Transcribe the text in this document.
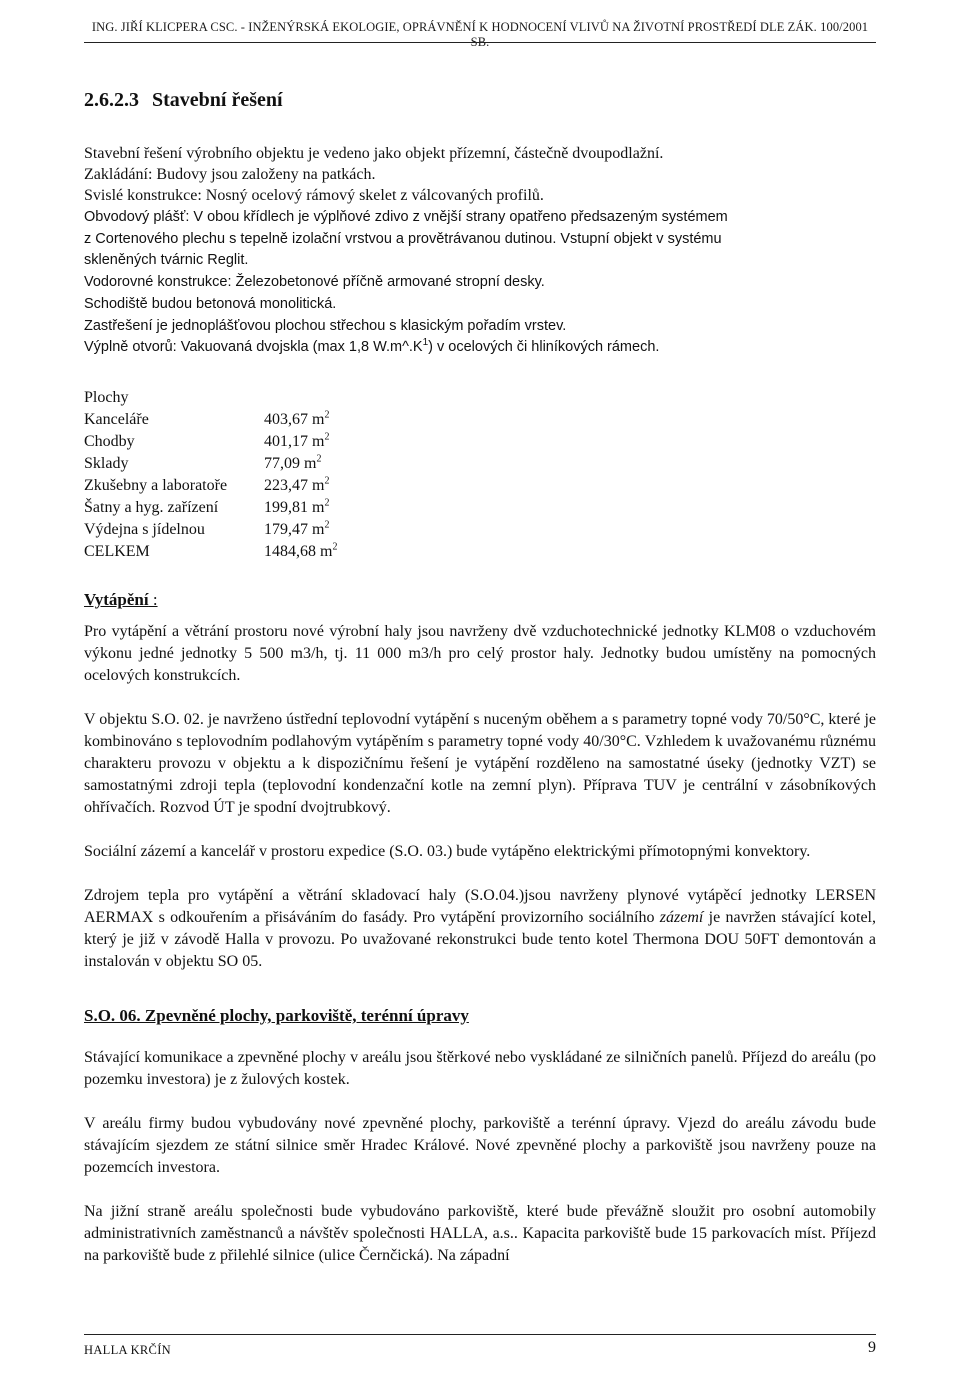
ING. JIŘÍ KLICPERA CSC. - INŽENÝRSKÁ EKOLOGIE, OPRÁVNĚNÍ K HODNOCENÍ VLIVŮ NA ŽIVOTNÍ PROSTŘEDÍ DLE ZÁK. 100/2001 SB.
2.6.2.3 Stavební řešení
Stavební řešení výrobního objektu je vedeno jako objekt přízemní, částečně dvoupodlažní.
Zakládání: Budovy jsou založeny na patkách.
Svislé konstrukce: Nosný ocelový rámový skelet z válcovaných profilů.
Obvodový plášť: V obou křídlech je výplňové zdivo z vnější strany opatřeno předsazeným systémem
z Cortenového plechu s tepelně izolační vrstvou a provětrávanou dutinou. Vstupní objekt v systému
skleněných tvárnic Reglit.
Vodorovné konstrukce: Železobetonové příčně armované stropní desky.
Schodiště budou betonová monolitická.
Zastřešení je jednoplášťovou plochou střechou s klasickým pořadím vrstev.
Výplně otvorů: Vakuovaná dvojskla (max 1,8 $W.m\^{}.K^1$) v ocelových či hliníkových rámech.
Plochy
Kanceláře	403,67 $m^2$
Chodby	401,17 $m^2$
Sklady	77,09 $m^2$
Zkušebny a laboratoře	223,47 $m^2$
Šatny a hyg. zařízení	199,81 $m^2$
Výdejna s jídelnou	179,47 $m^2$
CELKEM	1484,68 $m^2$
Vytápění :

Pro vytápění a větrání prostoru nové výrobní haly jsou navrženy dvě vzduchotechnické jednotky KLM08 o vzduchovém výkonu jedné jednotky 5 500 m3/h, tj. 11 000 m3/h pro celý prostor haly. Jednotky budou umístěny na pomocných ocelových konstrukcích.

V objektu S.O. 02. je navrženo ústřední teplovodní vytápění s nuceným oběhem a s parametry topné vody 70/50°C, které je kombinováno s teplovodním podlahovým vytápěním s parametry topné vody 40/30°C. Vzhledem k uvažovanému různému charakteru provozu v objektu a k dispozičnímu řešení je vytápění rozděleno na samostatné úseky (jednotky VZT) se samostatnými zdroji tepla (teplovodní kondenzační kotle na zemní plyn). Příprava TUV je centrální v zásobníkových ohřívačích. Rozvod ÚT je spodní dvojtrubkový.

Sociální zázemí a kancelář v prostoru expedice (S.O. 03.) bude vytápěno elektrickými přímotopnými konvektory.

Zdrojem tepla pro vytápění a větrání skladovací haly (S.O.04.)jsou navrženy plynové vytápěcí jednotky LERSEN AERMAX s odkouřením a přisáváním do fasády. Pro vytápění provizorního sociálního zázemí je navržen stávající kotel, který je již v závodě Halla v provozu. Po uvažované rekonstrukci bude tento kotel Thermona DOU 50FT demontován a instalován v objektu SO 05.

S.O. 06. Zpevněné plochy, parkoviště, terénní úpravy

Stávající komunikace a zpevněné plochy v areálu jsou štěrkové nebo vyskládané ze silničních panelů. Příjezd do areálu (po pozemku investora) je z žulových kostek.

V areálu firmy budou vybudovány nové zpevněné plochy, parkoviště a terénní úpravy. Vjezd do areálu závodu bude stávajícím sjezdem ze státní silnice směr Hradec Králové. Nové zpevněné plochy a parkoviště jsou navrženy pouze na pozemcích investora.

Na jižní straně areálu společnosti bude vybudováno parkoviště, které bude převážně sloužit pro osobní automobily administrativních zaměstnanců a návštěv společnosti HALLA, a.s.. Kapacita parkoviště bude 15 parkovacích míst. Příjezd na parkoviště bude z přilehlé silnice (ulice Černčická). Na západní

HALLA KRČÍN	9
